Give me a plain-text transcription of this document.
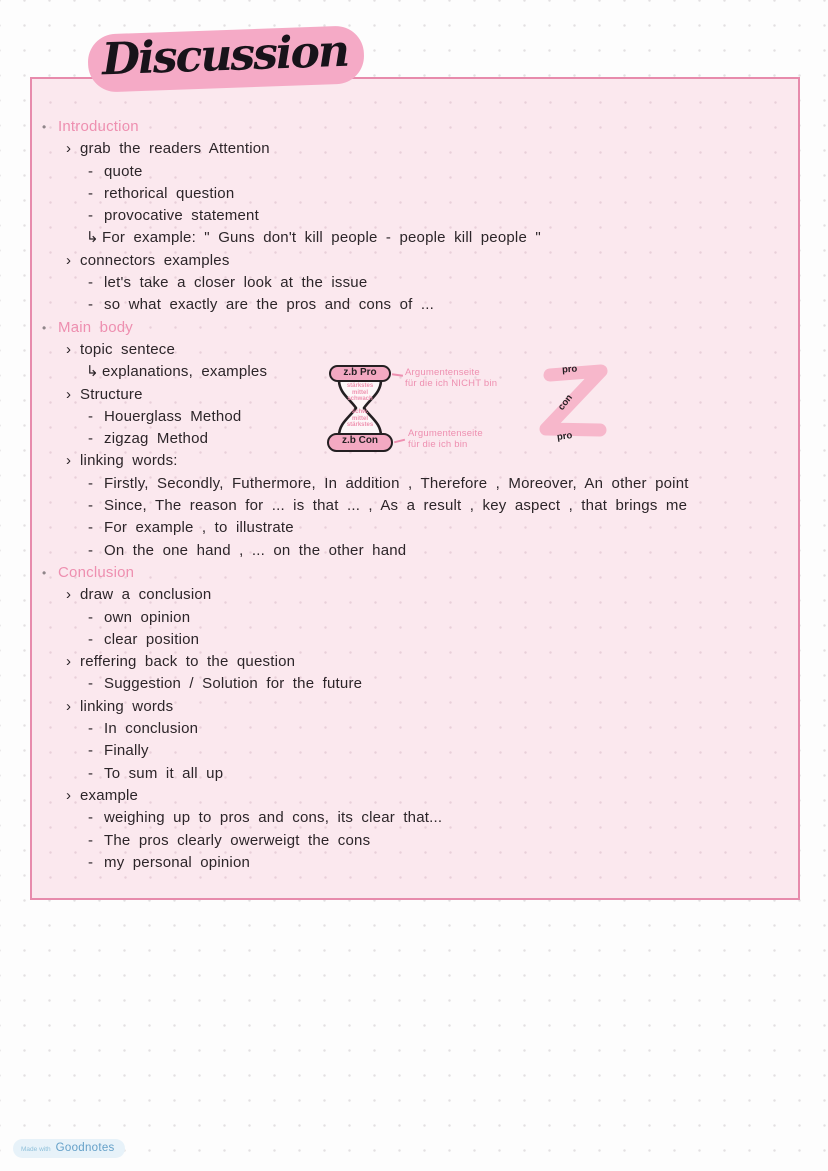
Discussion
• Introduction
› grab the readers Attention
- quote
- rethorical question
- provocative statement
↳ For example: " Guns don't kill people - people kill people "
› connectors examples
- let's take a closer look at the issue
- so what exactly are the pros and cons of ...
• Main body
› topic sentece
↳ explanations, examples
› Structure
- Houerglass Method
- zigzag Method
› linking words:
- Firstly, Secondly, Futhermore, In addition , Therefore , Moreover, An other point
- Since, The reason for ... is that ... , As a result , key aspect , that brings me
- For example , to illustrate
- On the one hand , ... on the other hand
• Conclusion
› draw a conclusion
- own opinion
- clear position
› reffering back to the question
- Suggestion / Solution for the future
› linking words
- In conclusion
- Finally
- To sum it all up
› example
- weighing up to pros and cons, its clear that...
- The pros clearly owerweigt the cons
- my personal opinion
stärkstes
mittel
schwach
schw.
mittel
stärkstes
z.b Pro
z.b Con
Argumentenseite
für die ich NICHT bin
Argumentenseite
für die ich bin
pro
con
pro
Made with Goodnotes
